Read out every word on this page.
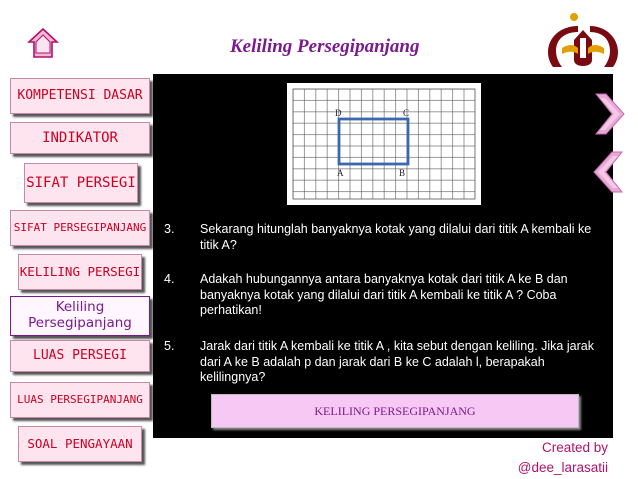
Keliling Persegipanjang
KOMPETENSI DASAR
INDIKATOR
SIFAT PERSEGI
SIFAT PERSEGIPANJANG
KELILING PERSEGI
Keliling Persegipanjang
LUAS PERSEGI
LUAS PERSEGIPANJANG
SOAL PENGAYAAN
D	C
A	B
3.	Sekarang hitunglah banyaknya kotak yang dilalui dari titik A kembali ke titik A?
4.	Adakah hubungannya antara banyaknya kotak dari titik A ke B dan banyaknya kotak yang dilalui dari titik A kembali ke titik A ? Coba perhatikan!
5.	Jarak dari titik A kembali ke titik A , kita sebut dengan keliling. Jika jarak dari A ke B adalah p dan jarak dari B ke C adalah l, berapakah kelilingnya?
KELILING PERSEGIPANJANG
Created by
@dee_larasatii
